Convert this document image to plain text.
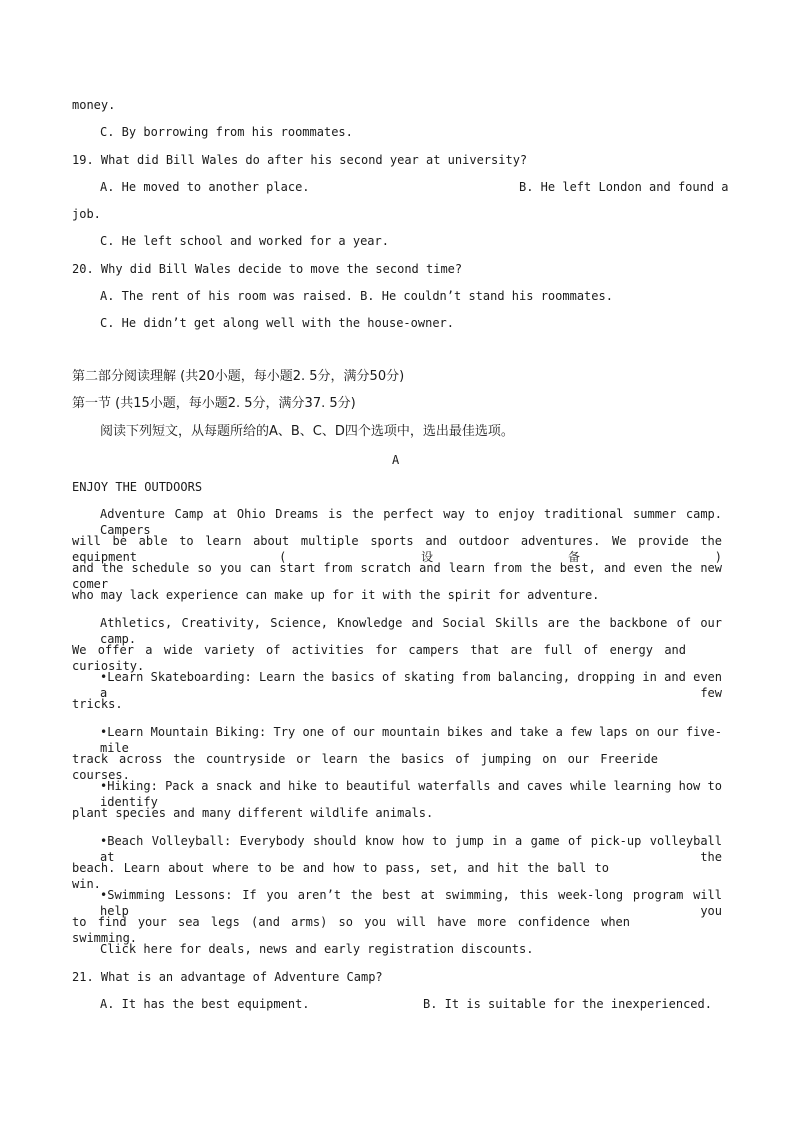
money.
C. By borrowing from his roommates.
19. What did Bill Wales do after his second year at university?
A. He moved to another place.	B. He left London and found a
job.
C. He left school and worked for a year.
20. Why did Bill Wales decide to move the second time?
A. The rent of his room was raised. B. He couldn’t stand his roommates.
C. He didn’t get along well with the house-owner.
第二部分阅读理解 (共20小题，每小题2. 5分，满分50分)
第一节 (共15小题，每小题2. 5分，满分37. 5分)
阅读下列短文，从每题所给的A、B、C、D四个选项中，选出最佳选项。
A
ENJOY THE OUTDOORS
Adventure Camp at Ohio Dreams is the perfect way to enjoy traditional summer camp. Campers
will be able to learn about multiple sports and outdoor adventures. We provide the equipment (设备)
and the schedule so you can start from scratch and learn from the best, and even the new comer
who may lack experience can make up for it with the spirit for adventure.
Athletics, Creativity, Science, Knowledge and Social Skills are the backbone of our camp.
We offer a wide variety of activities for campers that are full of energy and curiosity.
•Learn Skateboarding: Learn the basics of skating from balancing, dropping in and even a few
tricks.
•Learn Mountain Biking: Try one of our mountain bikes and take a few laps on our five-mile
track across the countryside or learn the basics of jumping on our Freeride courses.
•Hiking: Pack a snack and hike to beautiful waterfalls and caves while learning how to identify
plant species and many different wildlife animals.
•Beach Volleyball: Everybody should know how to jump in a game of pick-up volleyball at the
beach. Learn about where to be and how to pass, set, and hit the ball to win.
•Swimming Lessons: If you aren’t the best at swimming, this week-long program will help you
to find your sea legs (and arms) so you will have more confidence when swimming.
Click here for deals, news and early registration discounts.
21. What is an advantage of Adventure Camp?
A. It has the best equipment.	B. It is suitable for the inexperienced.
